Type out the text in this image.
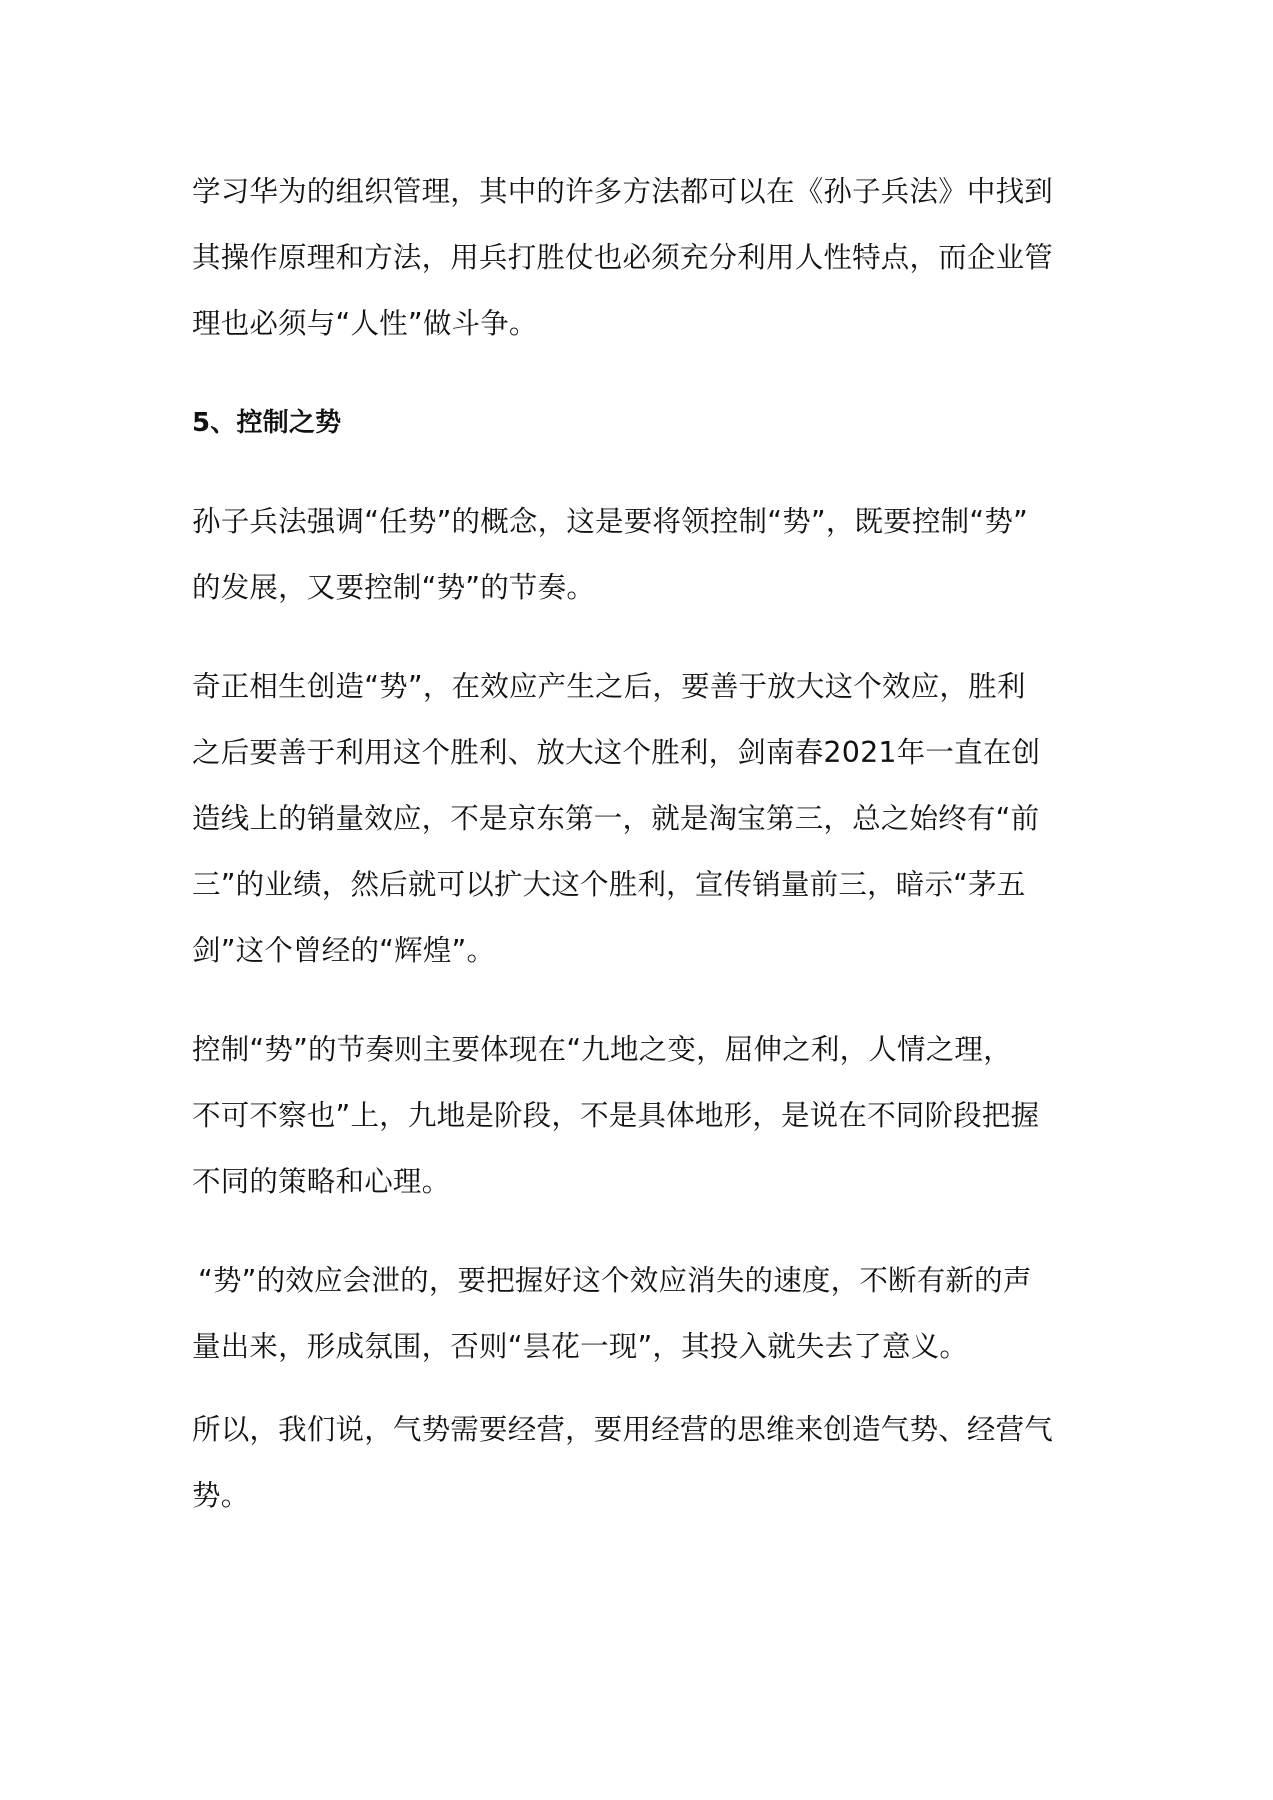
学习华为的组织管理，其中的许多方法都可以在《孙子兵法》中找到
其操作原理和方法，用兵打胜仗也必须充分利用人性特点，而企业管
理也必须与“人性”做斗争。
5、控制之势
孙子兵法强调“任势”的概念，这是要将领控制“势”，既要控制“势”
的发展，又要控制“势”的节奏。
奇正相生创造“势”，在效应产生之后，要善于放大这个效应，胜利
之后要善于利用这个胜利、放大这个胜利，剑南春2021年一直在创
造线上的销量效应，不是京东第一，就是淘宝第三，总之始终有“前
三”的业绩，然后就可以扩大这个胜利，宣传销量前三，暗示“茅五
剑”这个曾经的“辉煌”。
控制“势”的节奏则主要体现在“九地之变，屈伸之利，人情之理，
不可不察也”上，九地是阶段，不是具体地形，是说在不同阶段把握
不同的策略和心理。
“势”的效应会泄的，要把握好这个效应消失的速度，不断有新的声
量出来，形成氛围，否则“昙花一现”，其投入就失去了意义。
所以，我们说，气势需要经营，要用经营的思维来创造气势、经营气
势。
